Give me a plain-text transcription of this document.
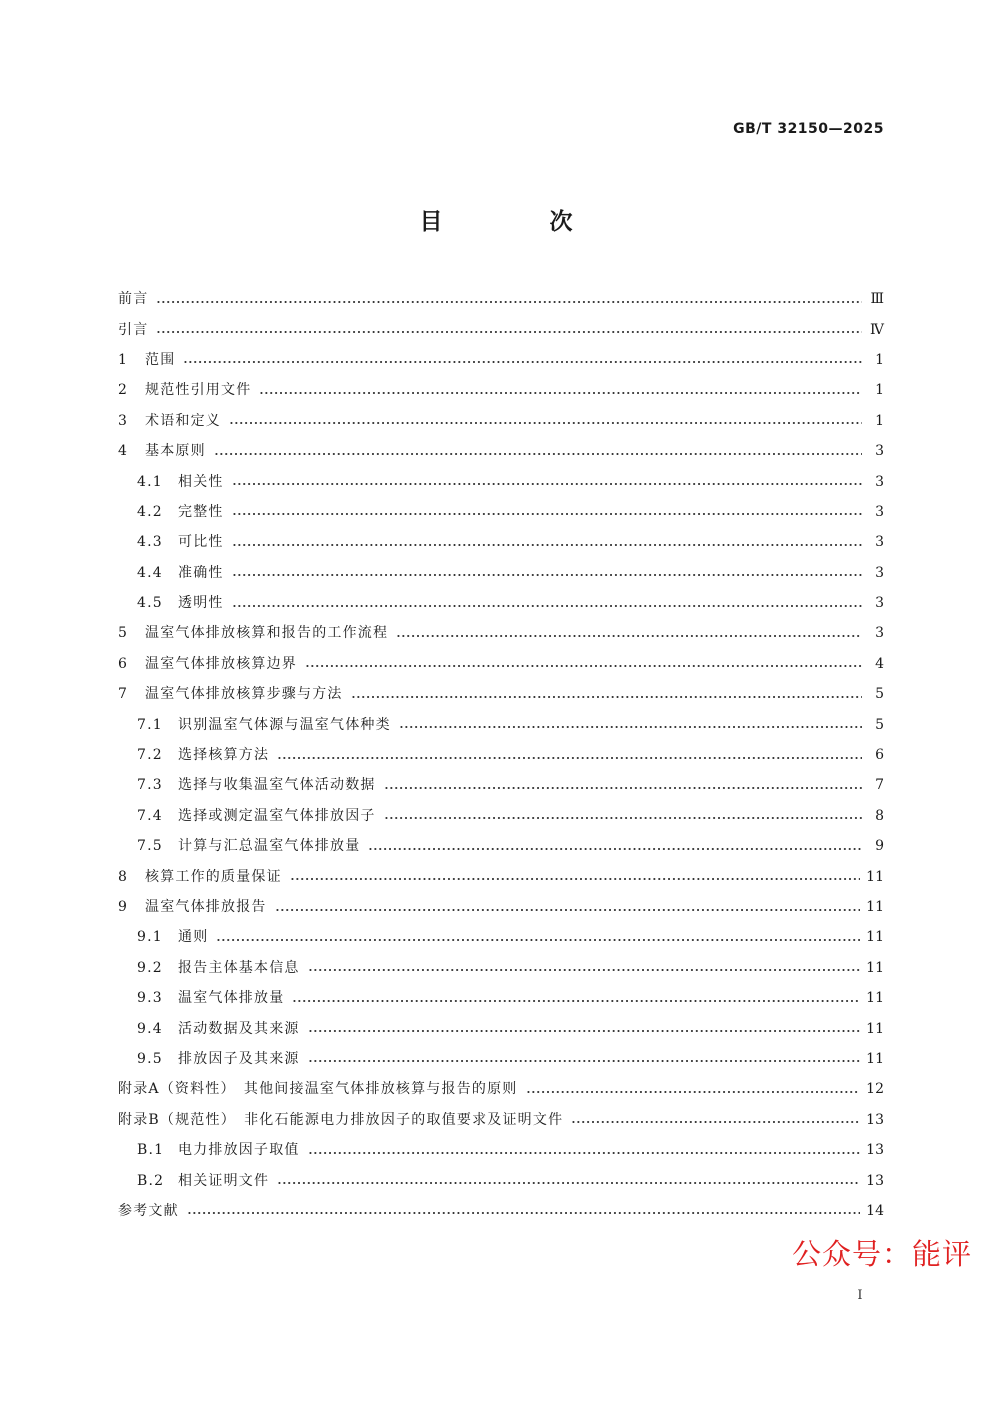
GB/T 32150—2025
目　次
前言	Ⅲ
引言	Ⅳ
1	范围	1
2	规范性引用文件	1
3	术语和定义	1
4	基本原则	3
4.1	相关性	3
4.2	完整性	3
4.3	可比性	3
4.4	准确性	3
4.5	透明性	3
5	温室气体排放核算和报告的工作流程	3
6	温室气体排放核算边界	4
7	温室气体排放核算步骤与方法	5
7.1	识别温室气体源与温室气体种类	5
7.2	选择核算方法	6
7.3	选择与收集温室气体活动数据	7
7.4	选择或测定温室气体排放因子	8
7.5	计算与汇总温室气体排放量	9
8	核算工作的质量保证	11
9	温室气体排放报告	11
9.1	通则	11
9.2	报告主体基本信息	11
9.3	温室气体排放量	11
9.4	活动数据及其来源	11
9.5	排放因子及其来源	11
附录A（资料性）　其他间接温室气体排放核算与报告的原则	12
附录B（规范性）　非化石能源电力排放因子的取值要求及证明文件	13
B.1 电力排放因子取值	13
B.2 相关证明文件	13
参考文献	14
公众号：能评
Ⅰ
